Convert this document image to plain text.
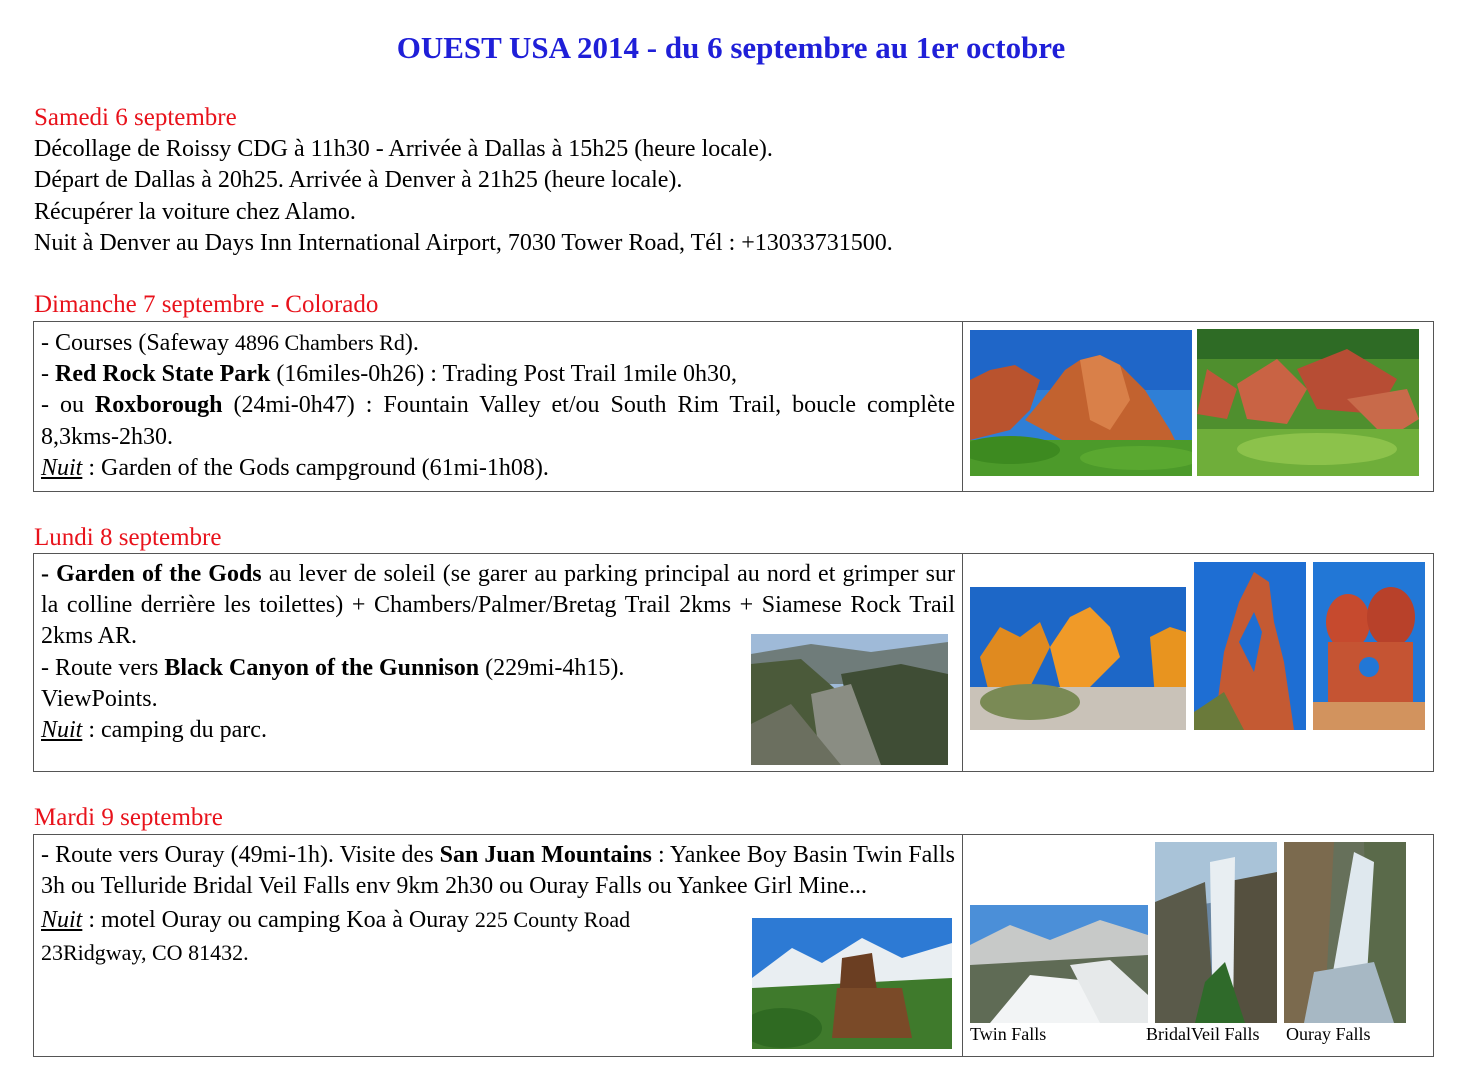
OUEST USA 2014 - du 6 septembre au 1er octobre
Samedi 6 septembre
Décollage de Roissy CDG à 11h30 - Arrivée à Dallas à 15h25 (heure locale).
Départ de Dallas à 20h25. Arrivée à Denver à 21h25 (heure locale).
Récupérer la voiture chez Alamo.
Nuit à Denver au Days Inn International Airport, 7030 Tower Road, Tél : +13033731500.
Dimanche 7 septembre - Colorado
- Courses (Safeway 4896 Chambers Rd).
- Red Rock State Park (16miles-0h26) : Trading Post Trail 1mile 0h30,
- ou Roxborough (24mi-0h47) : Fountain Valley et/ou South Rim Trail, boucle complète 8,3kms-2h30.
Nuit : Garden of the Gods campground (61mi-1h08).
Lundi 8 septembre
- Garden of the Gods au lever de soleil (se garer au parking principal au nord et grimper sur la colline derrière les toilettes) + Chambers/Palmer/Bretag Trail 2kms + Siamese Rock Trail 2kms AR.
- Route vers Black Canyon of the Gunnison (229mi-4h15).
ViewPoints.
Nuit : camping du parc.
Mardi 9 septembre
- Route vers Ouray (49mi-1h). Visite des San Juan Mountains : Yankee Boy Basin Twin Falls 3h ou Telluride Bridal Veil Falls env 9km 2h30 ou Ouray Falls ou Yankee Girl Mine...
Nuit : motel Ouray ou camping Koa à Ouray 225 County Road
23Ridgway, CO 81432.
Twin Falls	BridalVeil Falls Ouray Falls
